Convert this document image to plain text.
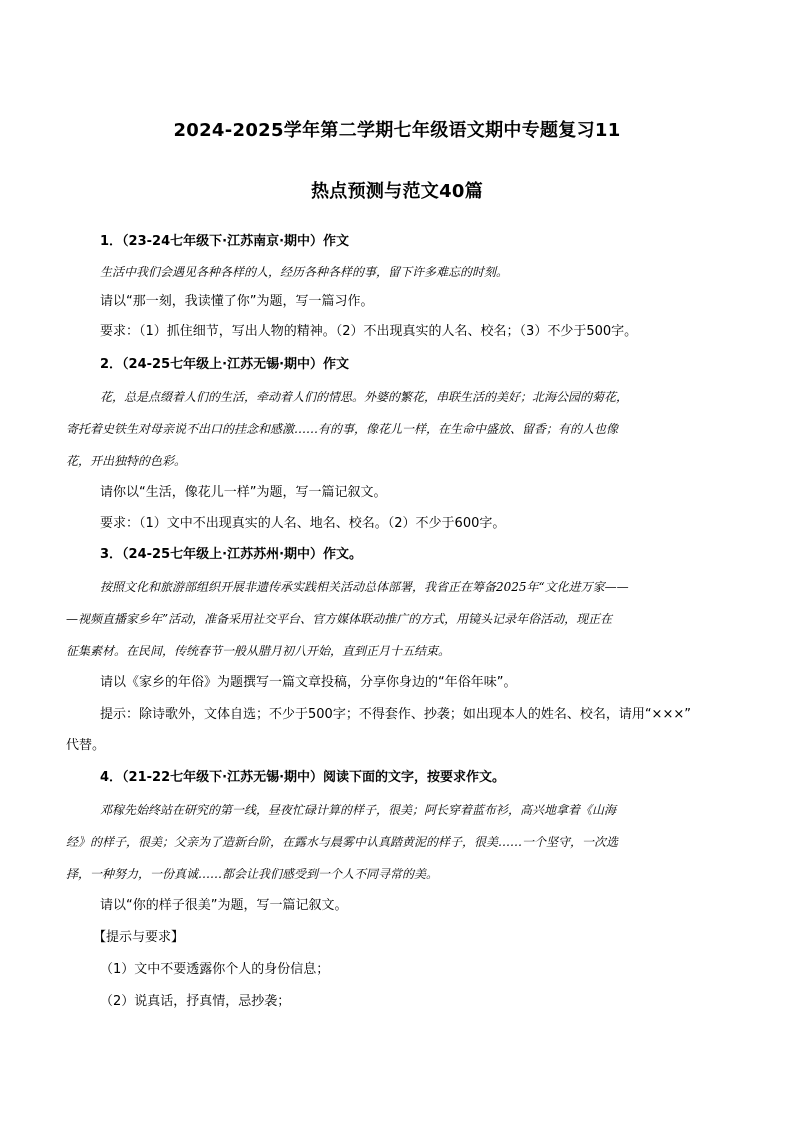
2024-2025学年第二学期七年级语文期中专题复习11
热点预测与范文40篇
1．（23-24七年级下·江苏南京·期中）作文
生活中我们会遇见各种各样的人，经历各种各样的事，留下许多难忘的时刻。
请以“那一刻，我读懂了你”为题，写一篇习作。
要求：（1）抓住细节，写出人物的精神。（2）不出现真实的人名、校名；（3）不少于500字。
2．（24-25七年级上·江苏无锡·期中）作文
花，总是点缀着人们的生活，牵动着人们的情思。外婆的繁花，串联生活的美好；北海公园的菊花，
寄托着史铁生对母亲说不出口的挂念和感激……有的事，像花儿一样，在生命中盛放、留香；有的人也像
花，开出独特的色彩。
请你以“生活，像花儿一样”为题，写一篇记叙文。
要求：（1）文中不出现真实的人名、地名、校名。（2）不少于600字。
3．（24-25七年级上·江苏苏州·期中）作文。
按照文化和旅游部组织开展非遗传承实践相关活动总体部署，我省正在筹备2025年“文化进万家——
—视频直播家乡年”活动，准备采用社交平台、官方媒体联动推广的方式，用镜头记录年俗活动，现正在
征集素材。在民间，传统春节一般从腊月初八开始，直到正月十五结束。
请以《家乡的年俗》为题撰写一篇文章投稿，分享你身边的“年俗年味”。
提示：除诗歌外，文体自选；不少于500字；不得套作、抄袭；如出现本人的姓名、校名，请用“×××”
代替。
4．（21-22七年级下·江苏无锡·期中）阅读下面的文字，按要求作文。
邓稼先始终站在研究的第一线，昼夜忙碌计算的样子，很美；阿长穿着蓝布衫，高兴地拿着《山海
经》的样子，很美；父亲为了造新台阶，在露水与晨雾中认真踏黄泥的样子，很美……一个坚守，一次选
择，一种努力，一份真诚……都会让我们感受到一个人不同寻常的美。
请以“你的样子很美”为题，写一篇记叙文。
【提示与要求】
（1）文中不要透露你个人的身份信息；
（2）说真话，抒真情，忌抄袭；
